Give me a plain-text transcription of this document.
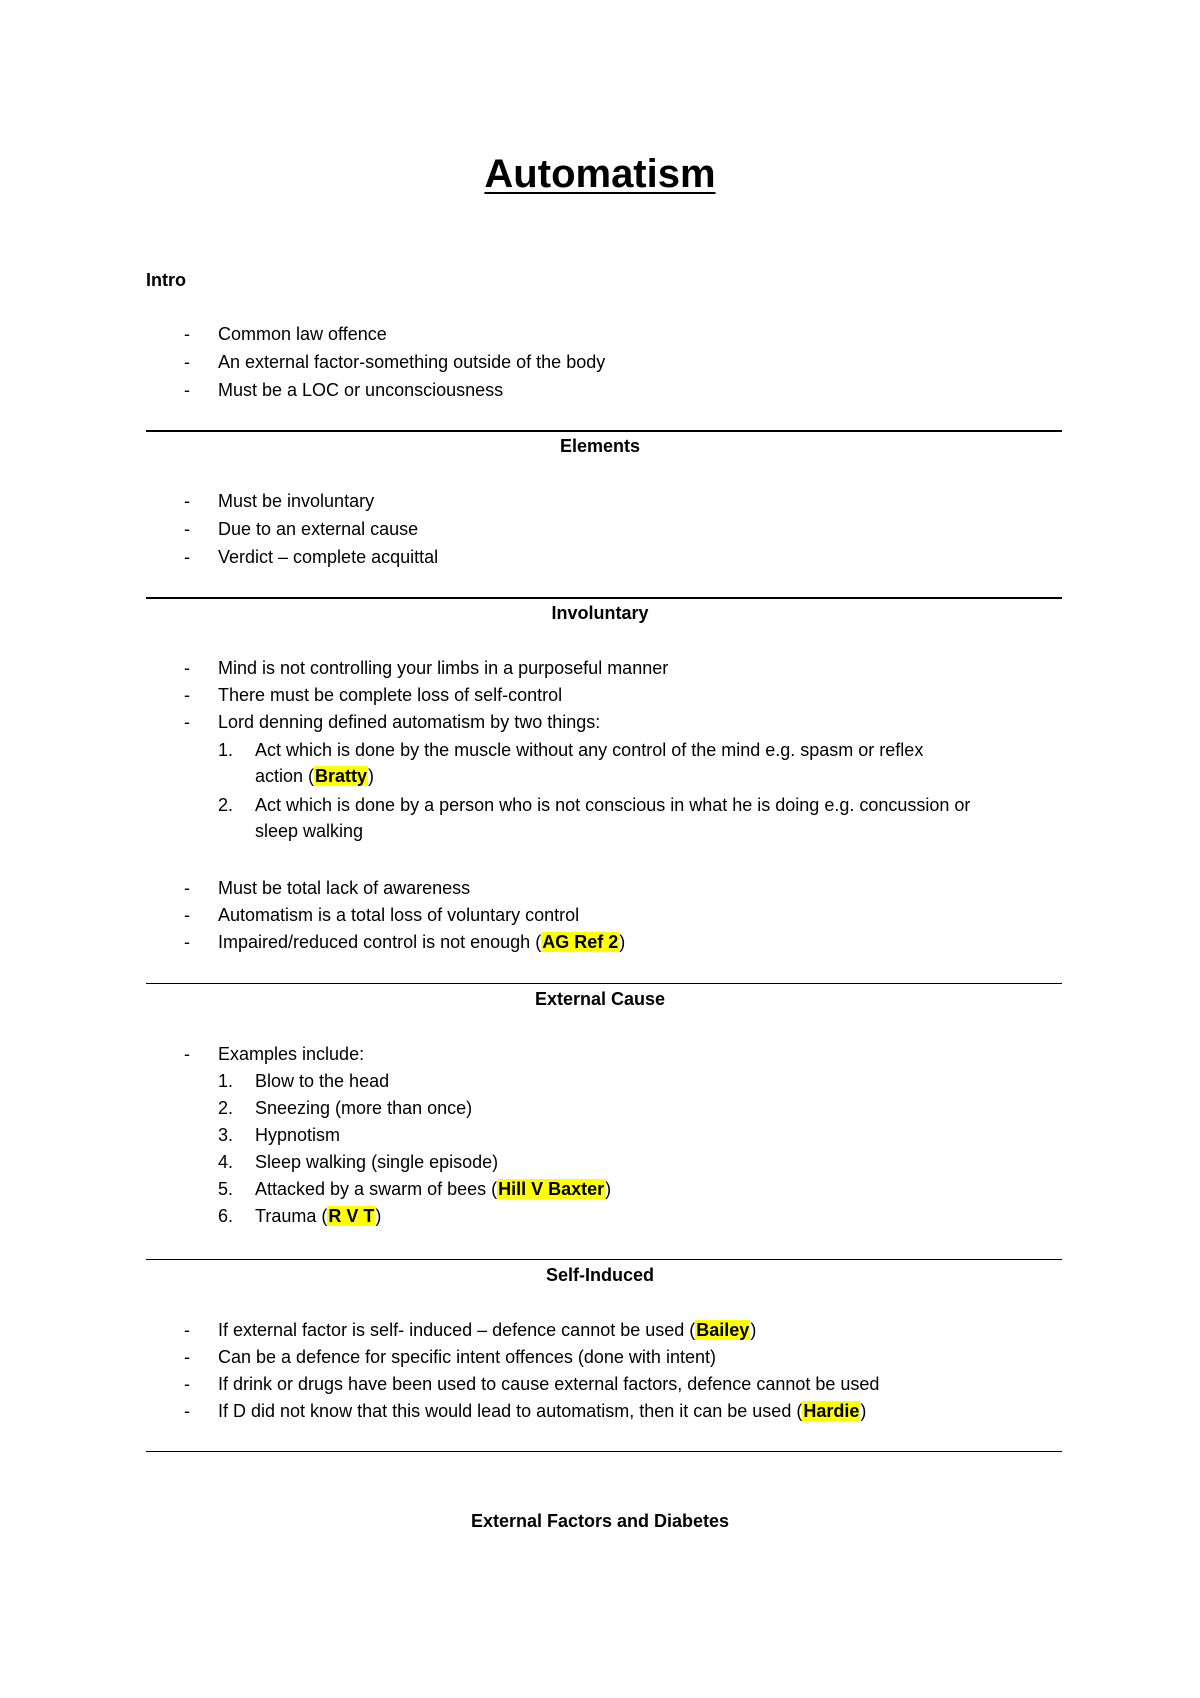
Automatism
Intro
- Common law offence
- An external factor-something outside of the body
- Must be a LOC or unconsciousness
Elements
- Must be involuntary
- Due to an external cause
- Verdict – complete acquittal
Involuntary
- Mind is not controlling your limbs in a purposeful manner
- There must be complete loss of self-control
- Lord denning defined automatism by two things:
1.	Act which is done by the muscle without any control of the mind e.g. spasm or reflex
action (Bratty)
2.	Act which is done by a person who is not conscious in what he is doing e.g. concussion or
sleep walking
- Must be total lack of awareness
- Automatism is a total loss of voluntary control
- Impaired/reduced control is not enough (AG Ref 2)
External Cause
- Examples include:
1.	Blow to the head
2.	Sneezing (more than once)
3.	Hypnotism
4.	Sleep walking (single episode)
5.	Attacked by a swarm of bees (Hill V Baxter)
6.	Trauma (R V T)
Self-Induced
- If external factor is self- induced – defence cannot be used (Bailey)
- Can be a defence for specific intent offences (done with intent)
- If drink or drugs have been used to cause external factors, defence cannot be used
- If D did not know that this would lead to automatism, then it can be used (Hardie)
External Factors and Diabetes
